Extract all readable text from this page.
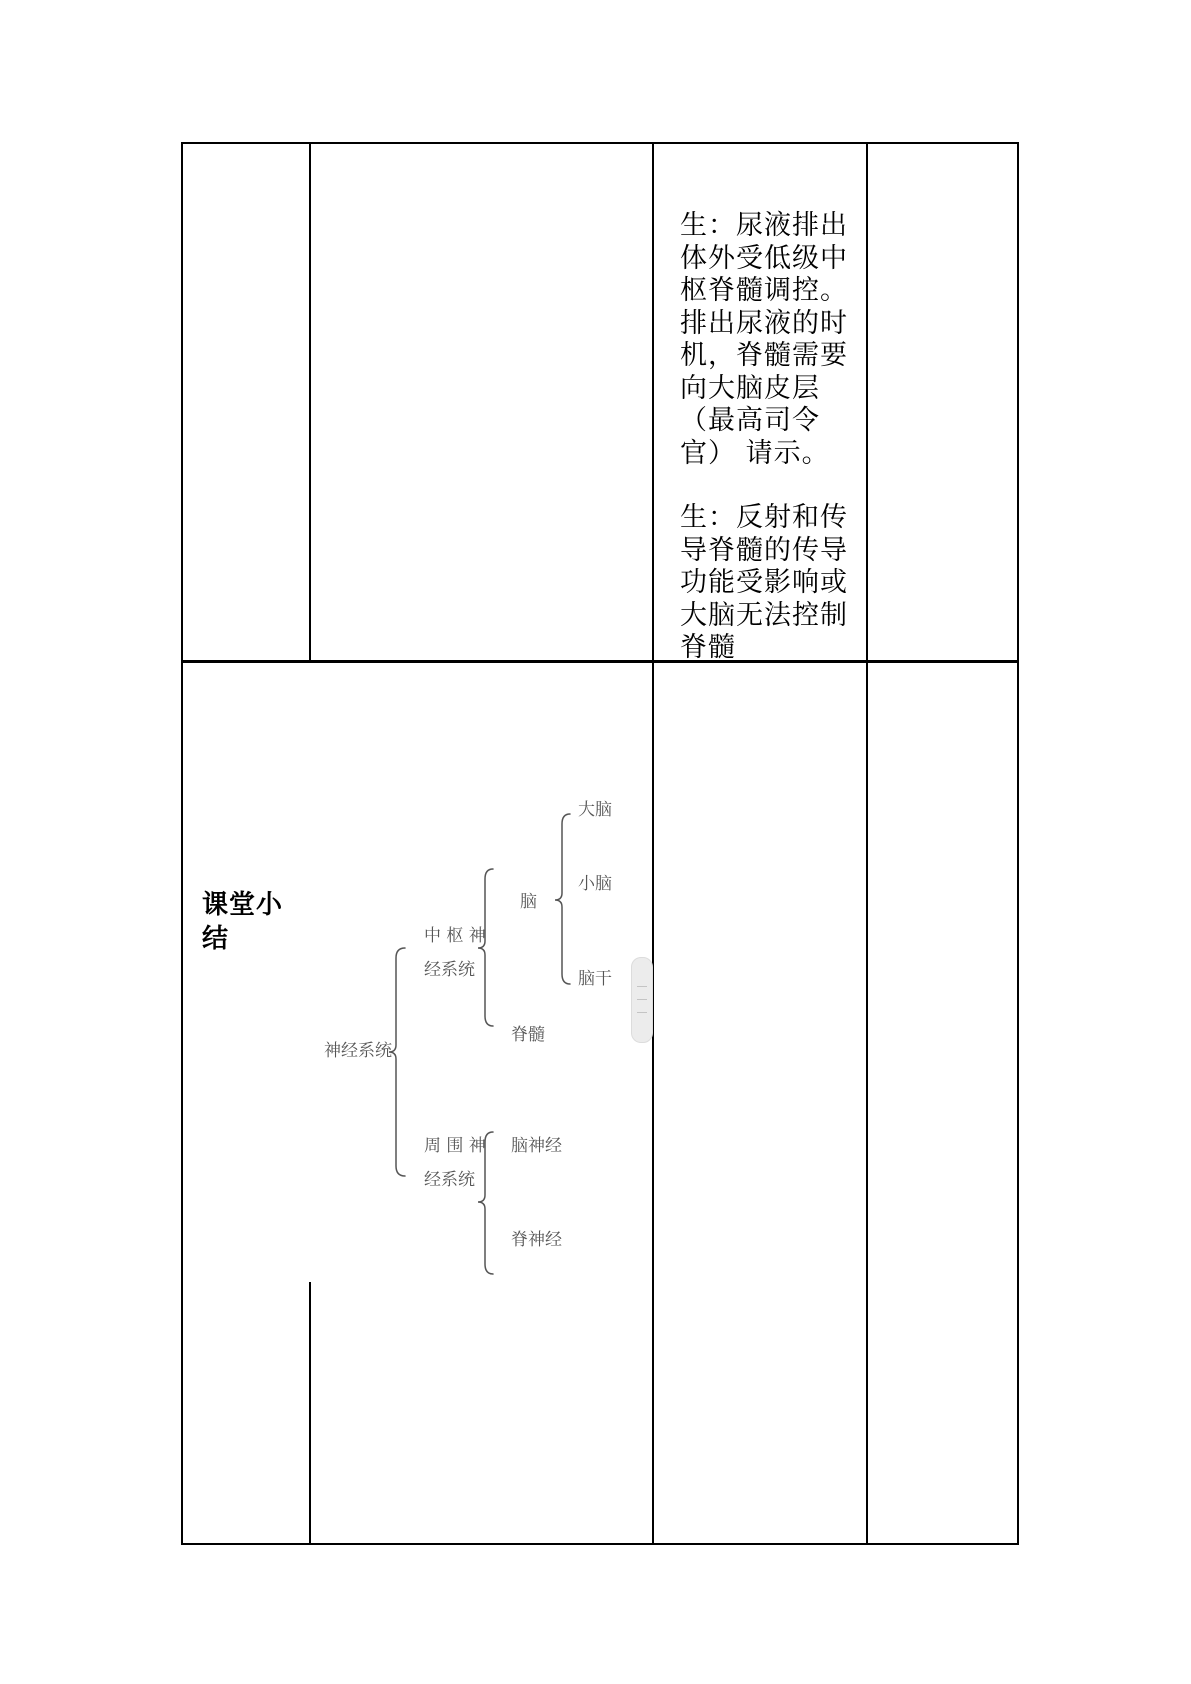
生：尿液排出体外受低级中枢脊髓调控。排出尿液的时机，脊髓需要向大脑皮层（最高司令官） 请示。

生：反射和传导脊髓的传导功能受影响或大脑无法控制脊髓

课堂小结
神经系统
中 枢 神
经系统
脑
大脑
小脑
脑干
脊髓
周 围 神
经系统
脑神经
脊神经
